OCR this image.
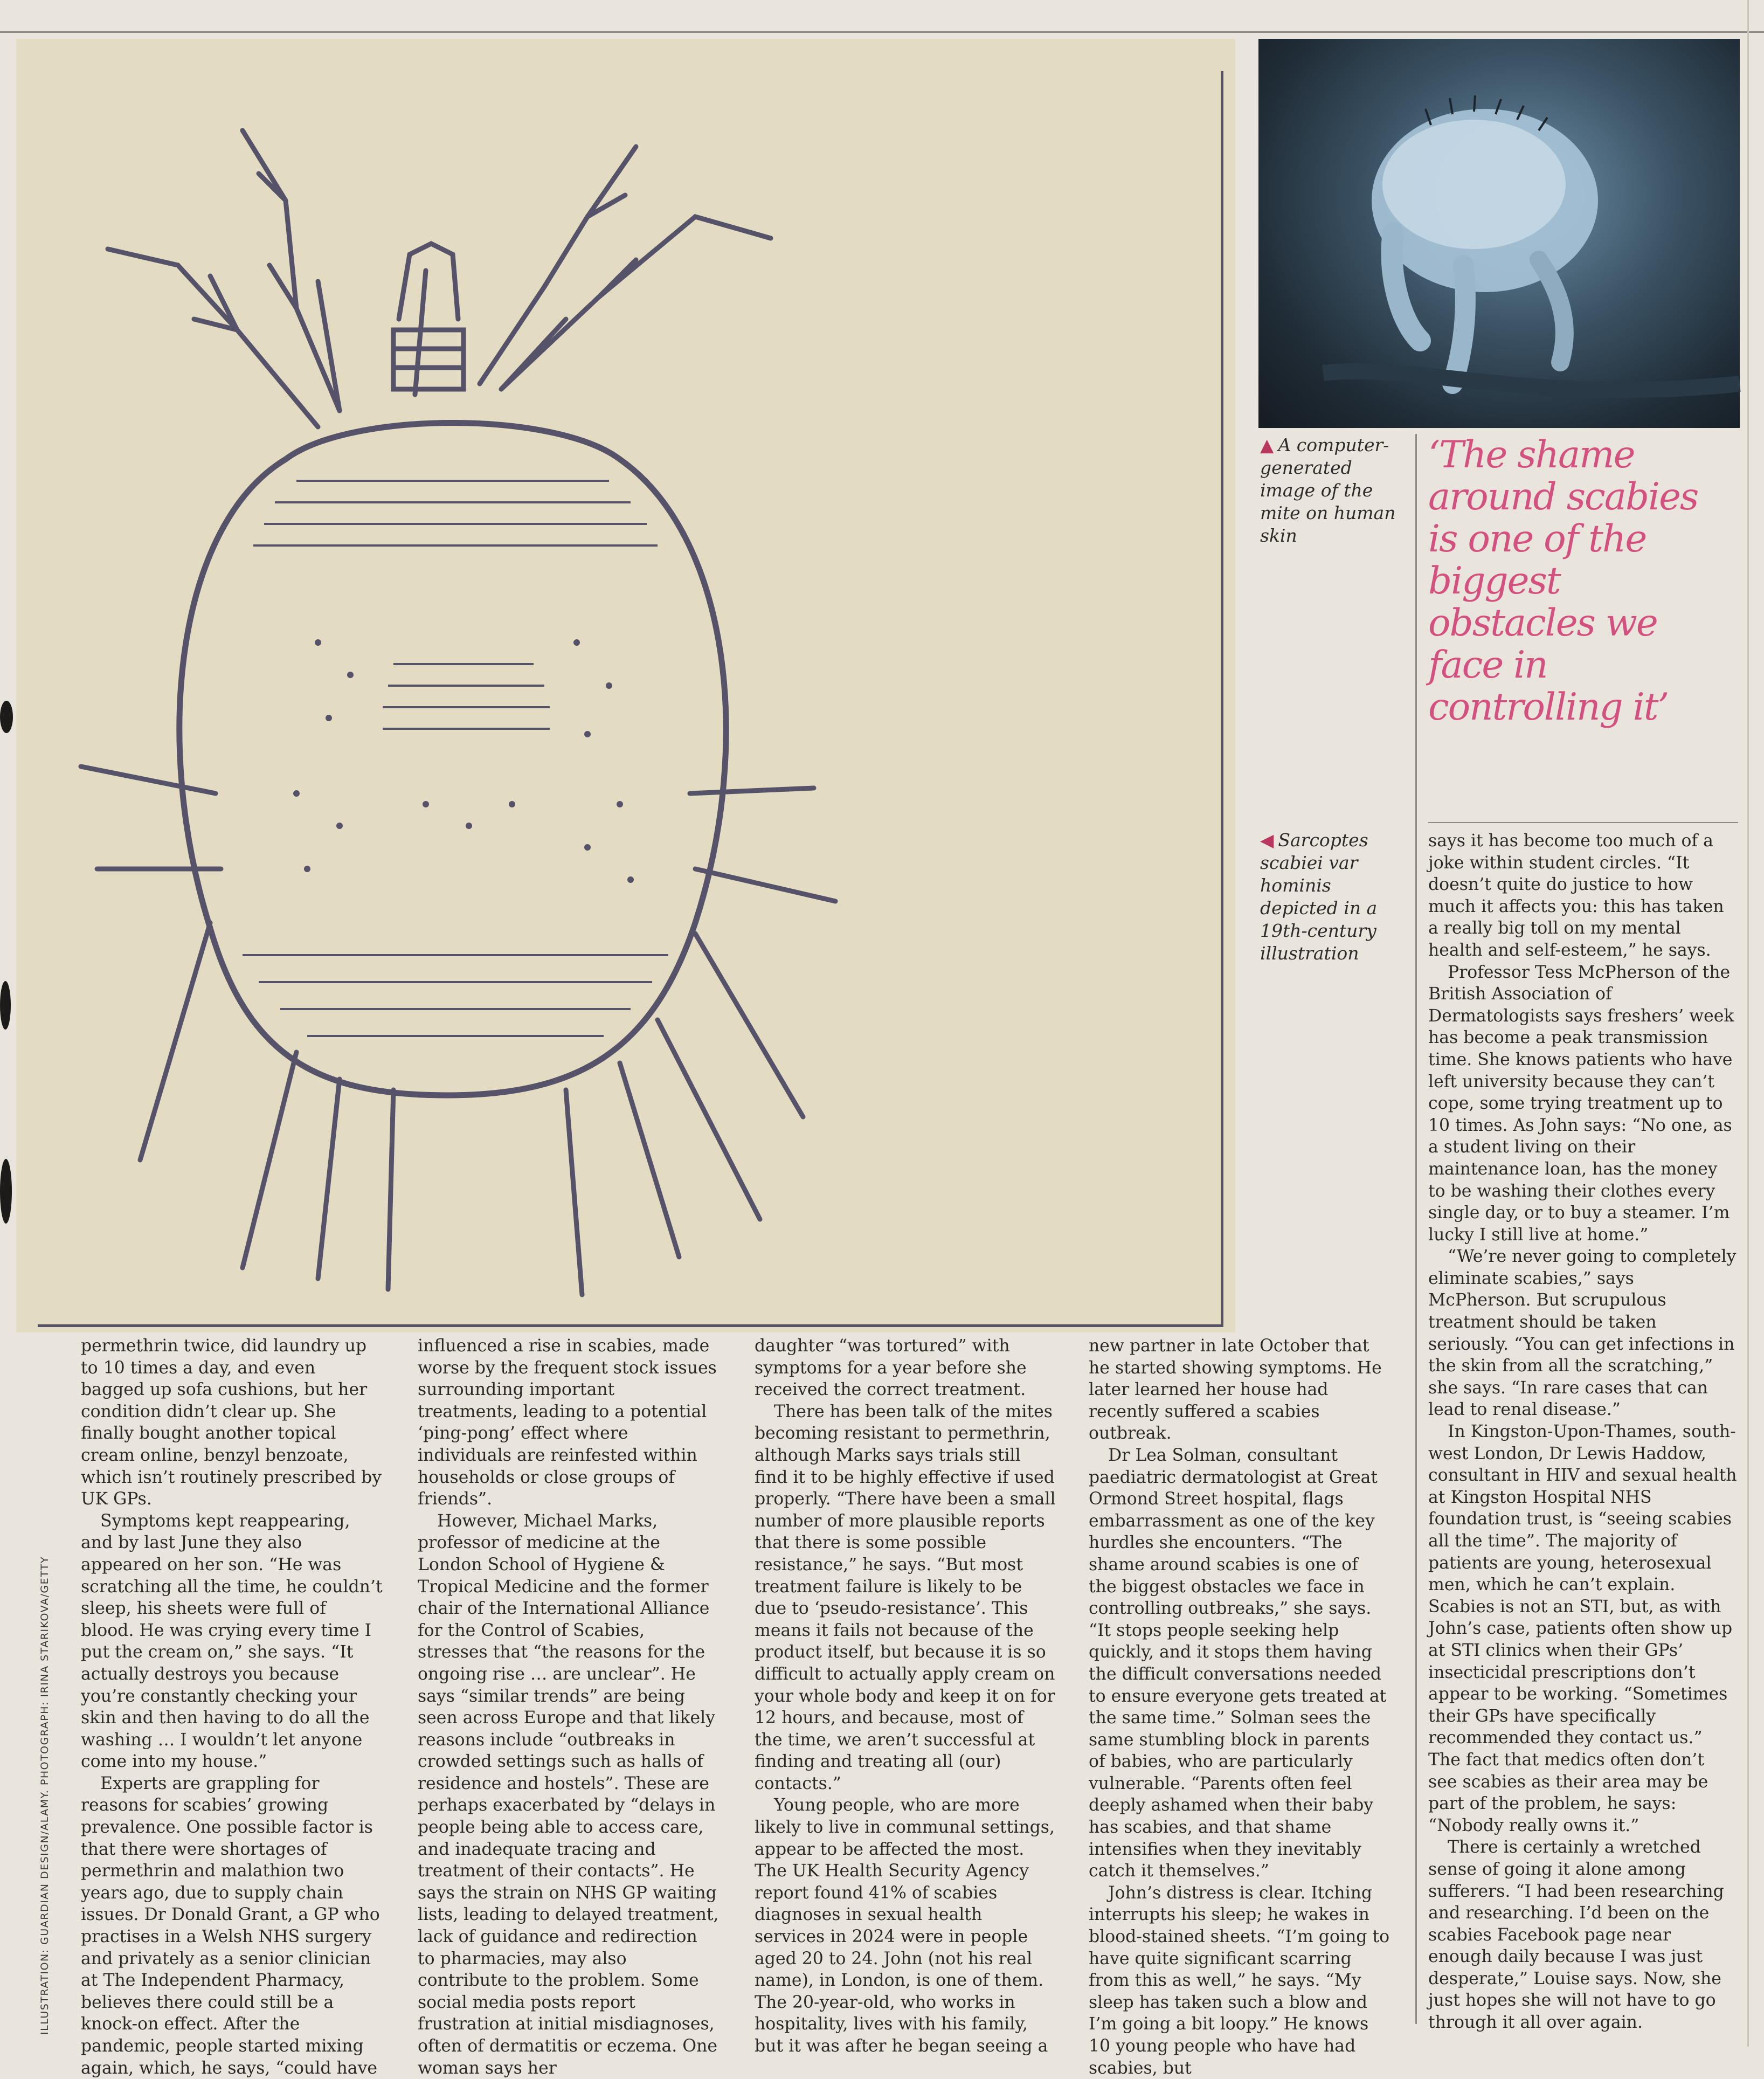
▲ A computer-generated image of the mite on human skin
‘The shame around scabies is one of the biggest obstacles we face in controlling it’
◀ Sarcoptes scabiei var hominis depicted in a 19th-century illustration

permethrin twice, did laundry up to 10 times a day, and even bagged up sofa cushions, but her condition didn’t clear up. She finally bought another topical cream online, benzyl benzoate, which isn’t routinely prescribed by UK GPs.

Symptoms kept reappearing, and by last June they also appeared on her son. “He was scratching all the time, he couldn’t sleep, his sheets were full of blood. He was crying every time I put the cream on,” she says. “It actually destroys you because you’re constantly checking your skin and then having to do all the washing … I wouldn’t let anyone come into my house.”

Experts are grappling for reasons for scabies’ growing prevalence. One possible factor is that there were shortages of permethrin and malathion two years ago, due to supply chain issues. Dr Donald Grant, a GP who practises in a Welsh NHS surgery and privately as a senior clinician at The Independent Pharmacy, believes there could still be a knock-on effect. After the pandemic, people started mixing again, which, he says, “could have

influenced a rise in scabies, made worse by the frequent stock issues surrounding important treatments, leading to a potential ‘ping-pong’ effect where individuals are reinfested within households or close groups of friends”.

However, Michael Marks, professor of medicine at the London School of Hygiene & Tropical Medicine and the former chair of the International Alliance for the Control of Scabies, stresses that “the reasons for the ongoing rise … are unclear”. He says “similar trends” are being seen across Europe and that likely reasons include “outbreaks in crowded settings such as halls of residence and hostels”. These are perhaps exacerbated by “delays in people being able to access care, and inadequate tracing and treatment of their contacts”. He says the strain on NHS GP waiting lists, leading to delayed treatment, lack of guidance and redirection to pharmacies, may also contribute to the problem. Some social media posts report frustration at initial misdiagnoses, often of dermatitis or eczema. One woman says her

daughter “was tortured” with symptoms for a year before she received the correct treatment.

There has been talk of the mites becoming resistant to permethrin, although Marks says trials still find it to be highly effective if used properly. “There have been a small number of more plausible reports that there is some possible resistance,” he says. “But most treatment failure is likely to be due to ‘pseudo-resistance’. This means it fails not because of the product itself, but because it is so difficult to actually apply cream on your whole body and keep it on for 12 hours, and because, most of the time, we aren’t successful at finding and treating all (our) contacts.”

Young people, who are more likely to live in communal settings, appear to be affected the most. The UK Health Security Agency report found 41% of scabies diagnoses in sexual health services in 2024 were in people aged 20 to 24. John (not his real name), in London, is one of them. The 20-year-old, who works in hospitality, lives with his family, but it was after he began seeing a

new partner in late October that he started showing symptoms. He later learned her house had recently suffered a scabies outbreak.

Dr Lea Solman, consultant paediatric dermatologist at Great Ormond Street hospital, flags embarrassment as one of the key hurdles she encounters. “The shame around scabies is one of the biggest obstacles we face in controlling outbreaks,” she says. “It stops people seeking help quickly, and it stops them having the difficult conversations needed to ensure everyone gets treated at the same time.” Solman sees the same stumbling block in parents of babies, who are particularly vulnerable. “Parents often feel deeply ashamed when their baby has scabies, and that shame intensifies when they inevitably catch it themselves.”

John’s distress is clear. Itching interrupts his sleep; he wakes in blood-stained sheets. “I’m going to have quite significant scarring from this as well,” he says. “My sleep has taken such a blow and I’m going a bit loopy.” He knows 10 young people who have had scabies, but

says it has become too much of a joke within student circles. “It doesn’t quite do justice to how much it affects you: this has taken a really big toll on my mental health and self-esteem,” he says.

Professor Tess McPherson of the British Association of Dermatologists says freshers’ week has become a peak transmission time. She knows patients who have left university because they can’t cope, some trying treatment up to 10 times. As John says: “No one, as a student living on their maintenance loan, has the money to be washing their clothes every single day, or to buy a steamer. I’m lucky I still live at home.”

“We’re never going to completely eliminate scabies,” says McPherson. But scrupulous treatment should be taken seriously. “You can get infections in the skin from all the scratching,” she says. “In rare cases that can lead to renal disease.”

In Kingston-Upon-Thames, south-west London, Dr Lewis Haddow, consultant in HIV and sexual health at Kingston Hospital NHS foundation trust, is “seeing scabies all the time”. The majority of patients are young, heterosexual men, which he can’t explain. Scabies is not an STI, but, as with John’s case, patients often show up at STI clinics when their GPs’ insecticidal prescriptions don’t appear to be working. “Sometimes their GPs have specifically recommended they contact us.” The fact that medics often don’t see scabies as their area may be part of the problem, he says: “Nobody really owns it.”

There is certainly a wretched sense of going it alone among sufferers. “I had been researching and researching. I’d been on the scabies Facebook page near enough daily because I was just desperate,” Louise says. Now, she just hopes she will not have to go through it all over again.

ILLUSTRATION: GUARDIAN DESIGN/ALAMY. PHOTOGRAPH: IRINA STARIKOVA/GETTY
